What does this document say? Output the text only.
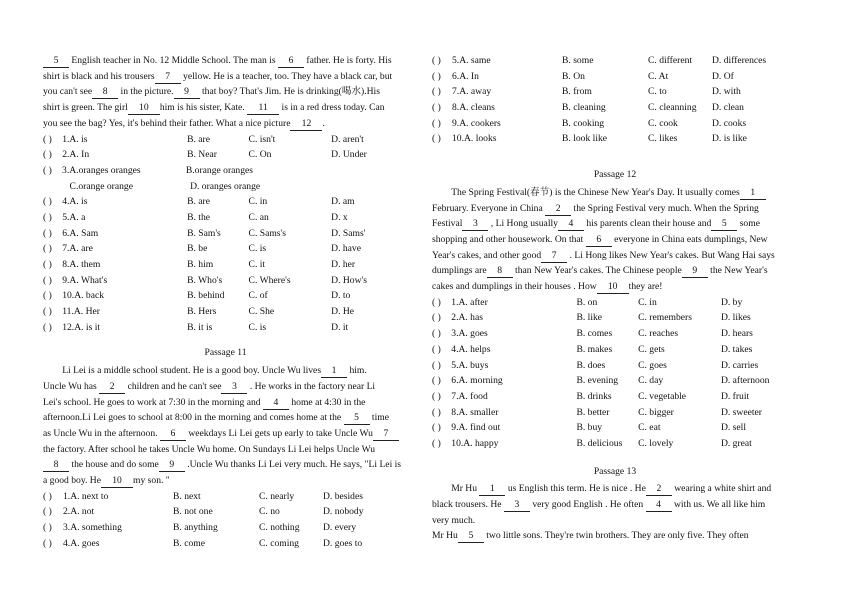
5 English teacher in No. 12 Middle School. The man is 6 father. He is forty. His
shirt is black and his trousers 7 yellow. He is a teacher, too. They have a black car, but
you can't see 8 in the picture. 9 that boy? That's Jim. He is drinking(喝水).His
shirt is green. The girl 10 him is his sister, Kate. 11 is in a red dress today. Can
you see the bag? Yes, it's behind their father. What a nice picture 12 .
( )	1.A. is	B. are	C. isn't	D. aren't
( )	2.A. In	B. Near	C. On	D. Under
( )	3.A.oranges oranges	B.orange oranges
C.orange orange	D. oranges orange
( )	4.A. is	B. are	C. in	D. am
( )	5.A. a	B. the	C. an	D. x
( )	6.A. Sam	B. Sam's	C. Sams's	D. Sams'
( )	7.A. are	B. be	C. is	D. have
( )	8.A. them	B. him	C. it	D. her
( )	9.A. What's	B. Who's	C. Where's	D. How's
( )	10.A. back	B. behind	C. of	D. to
( )	11.A. Her	B. Hers	C. She	D. He
( )	12.A. is it	B. it is	C. is	D. it
Passage 11
Li Lei is a middle school student. He is a good boy. Uncle Wu lives 1 him.
Uncle Wu has 2 children and he can't see 3 . He works in the factory near Li
Lei's school. He goes to work at 7:30 in the morning and 4 home at 4:30 in the
afternoon.Li Lei goes to school at 8:00 in the morning and comes home at the 5 time
as Uncle Wu in the afternoon. 6 weekdays Li Lei gets up early to take Uncle Wu 7
the factory. After school he takes Uncle Wu home. On Sundays Li Lei helps Uncle Wu
8 the house and do some 9 .Uncle Wu thanks Li Lei very much. He says, "Li Lei is
a good boy. He 10 my son. "
( )	1.A. next to	B. next	C. nearly	D. besides
( )	2.A. not	B. not one	C. no	D. nobody
( )	3.A. something	B. anything	C. nothing	D. every
( )	4.A. goes	B. come	C. coming	D. goes to
( )	5.A. same	B. some	C. different	D. differences
( )	6.A. In	B. On	C. At	D. Of
( )	7.A. away	B. from	C. to	D. with
( )	8.A. cleans	B. cleaning	C. cleanning	D. clean
( )	9.A. cookers	B. cooking	C. cook	D. cooks
( )	10.A. looks	B. look like	C. likes	D. is like
Passage 12
The Spring Festival(春节) is the Chinese New Year's Day. It usually comes 1
February. Everyone in China 2 the Spring Festival very much. When the Spring
Festival 3 , Li Hong usually 4 his parents clean their house and 5 some
shopping and other housework. On that 6 everyone in China eats dumplings, New
Year's cakes, and other good 7 . Li Hong likes New Year's cakes. But Wang Hai says
dumplings are 8 than New Year's cakes. The Chinese people 9 the New Year's
cakes and dumplings in their houses . How 10 they are!
( )	1.A. after	B. on	C. in	D. by
( )	2.A. has	B. like	C. remembers	D. likes
( )	3.A. goes	B. comes	C. reaches	D. hears
( )	4.A. helps	B. makes	C. gets	D. takes
( )	5.A. buys	B. does	C. goes	D. carries
( )	6.A. morning	B. evening	C. day	D. afternoon
( )	7.A. food	B. drinks	C. vegetable	D. fruit
( )	8.A. smaller	B. better	C. bigger	D. sweeter
( )	9.A. find out	B. buy	C. eat	D. sell
( )	10.A. happy	B. delicious	C. lovely	D. great
Passage 13
Mr Hu 1 us English this term. He is nice . He 2 wearing a white shirt and
black trousers. He 3 very good English . He often 4 with us. We all like him
very much.
Mr Hu 5 two little sons. They're twin brothers. They are only five. They often
